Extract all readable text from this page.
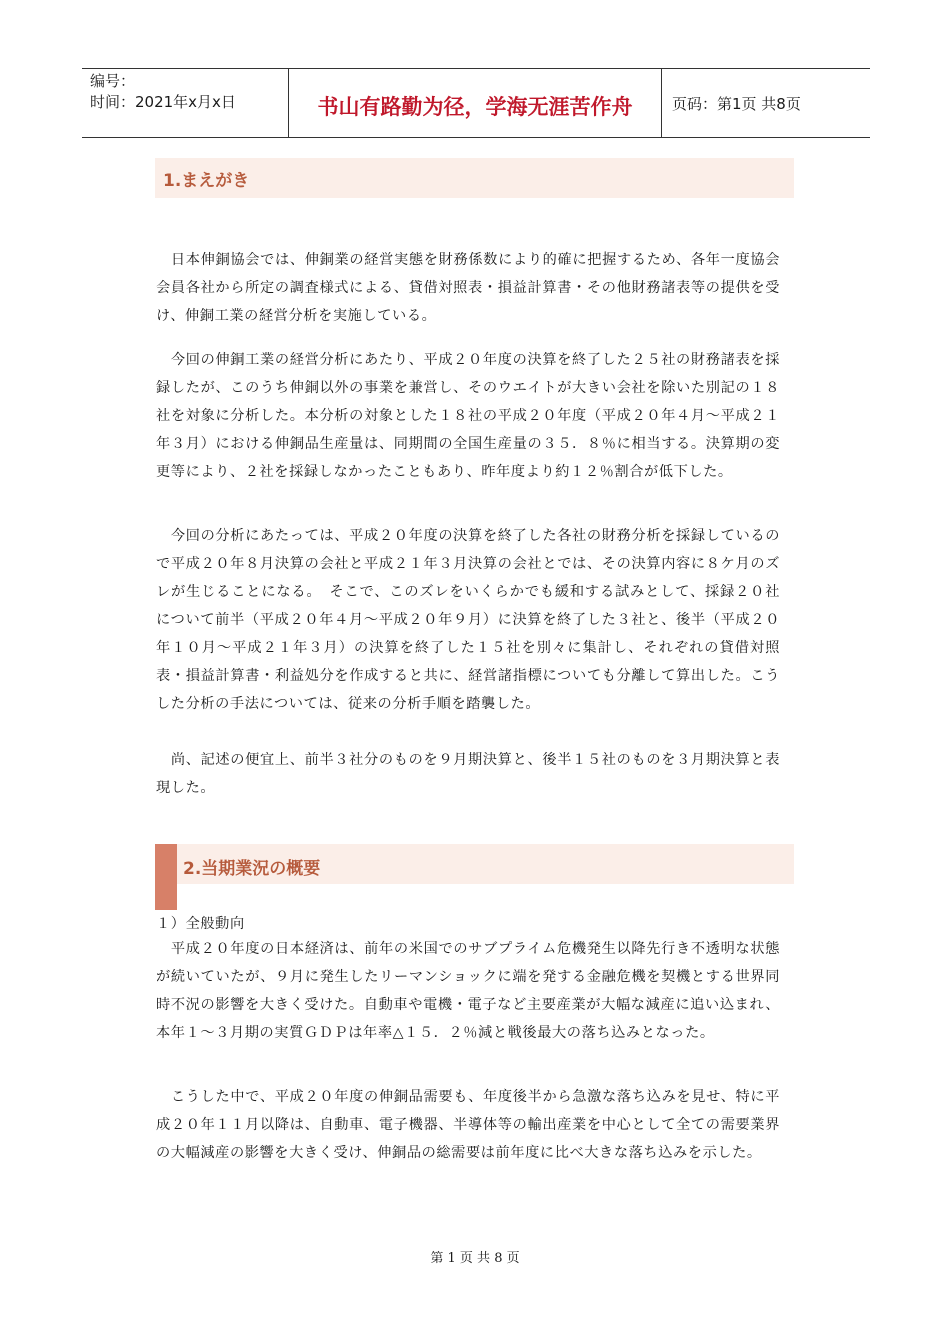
编号：
时间：2021年x月x日	书山有路勤为径，学海无涯苦作舟	页码：第1页 共8页
1.まえがき

　日本伸銅協会では、伸銅業の経営実態を財務係数により的確に把握するため、各年一度協会会員各社から所定の調査様式による、貸借対照表・損益計算書・その他財務諸表等の提供を受け、伸銅工業の経営分析を実施している。

　今回の伸銅工業の経営分析にあたり、平成２０年度の決算を終了した２５社の財務諸表を採録したが、このうち伸銅以外の事業を兼営し、そのウエイトが大きい会社を除いた別記の１８社を対象に分析した。本分析の対象とした１８社の平成２０年度（平成２０年４月～平成２１年３月）における伸銅品生産量は、同期間の全国生産量の３５．８％に相当する。決算期の変更等により、２社を採録しなかったこともあり、昨年度より約１２％割合が低下した。

　今回の分析にあたっては、平成２０年度の決算を終了した各社の財務分析を採録しているので平成２０年８月決算の会社と平成２１年３月決算の会社とでは、その決算内容に８ケ月のズレが生じることになる。　そこで、このズレをいくらかでも緩和する試みとして、採録２０社について前半（平成２０年４月～平成２０年９月）に決算を終了した３社と、後半（平成２０年１０月～平成２１年３月）の決算を終了した１５社を別々に集計し、それぞれの貸借対照表・損益計算書・利益処分を作成すると共に、経営諸指標についても分離して算出した。こうした分析の手法については、従来の分析手順を踏襲した。

　尚、記述の便宜上、前半３社分のものを９月期決算と、後半１５社のものを３月期決算と表現した。

2.当期業況の概要

１）全般動向

　平成２０年度の日本経済は、前年の米国でのサブプライム危機発生以降先行き不透明な状態が続いていたが、９月に発生したリーマンショックに端を発する金融危機を契機とする世界同時不況の影響を大きく受けた。自動車や電機・電子など主要産業が大幅な減産に追い込まれ、本年１～３月期の実質ＧＤＰは年率△１５．２％減と戦後最大の落ち込みとなった。

　こうした中で、平成２０年度の伸銅品需要も、年度後半から急激な落ち込みを見せ、特に平成２０年１１月以降は、自動車、電子機器、半導体等の輸出産業を中心として全ての需要業界の大幅減産の影響を大きく受け、伸銅品の総需要は前年度に比べ大きな落ち込みを示した。

第 1 页 共 8 页
